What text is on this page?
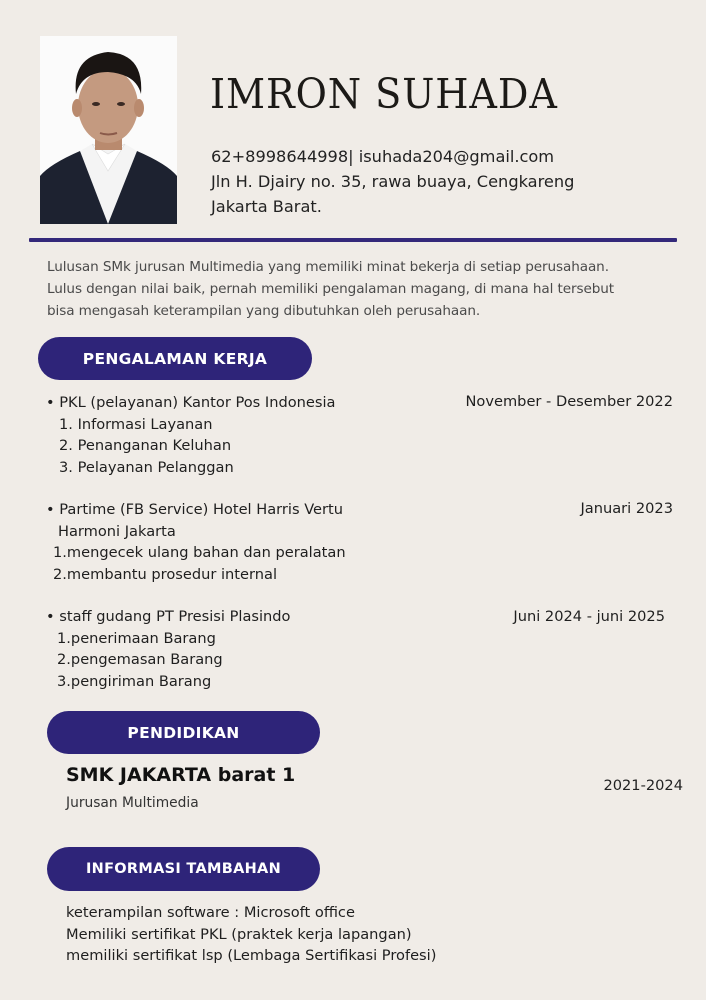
IMRON SUHADA
62+8998644998| isuhada204@gmail.com
Jln H. Djairy no. 35, rawa buaya, Cengkareng
Jakarta Barat.
Lulusan SMk jurusan Multimedia yang memiliki minat bekerja di setiap perusahaan.
Lulus dengan nilai baik, pernah memiliki pengalaman magang, di mana hal tersebut
bisa mengasah keterampilan yang dibutuhkan oleh perusahaan.
PENGALAMAN KERJA
• PKL (pelayanan) Kantor Pos Indonesia
1. Informasi Layanan
2. Penanganan Keluhan
3. Pelayanan Pelanggan
November - Desember 2022
• Partime (FB Service) Hotel Harris Vertu
Harmoni Jakarta
1.mengecek ulang bahan dan peralatan
2.membantu prosedur internal
Januari 2023
• staff gudang PT Presisi Plasindo
1.penerimaan Barang
2.pengemasan Barang
3.pengiriman Barang
Juni 2024 - juni 2025
PENDIDIKAN
SMK JAKARTA barat 1
Jurusan Multimedia
2021-2024
INFORMASI TAMBAHAN
keterampilan software : Microsoft office
Memiliki sertifikat PKL (praktek kerja lapangan)
memiliki sertifikat lsp (Lembaga Sertifikasi Profesi)
